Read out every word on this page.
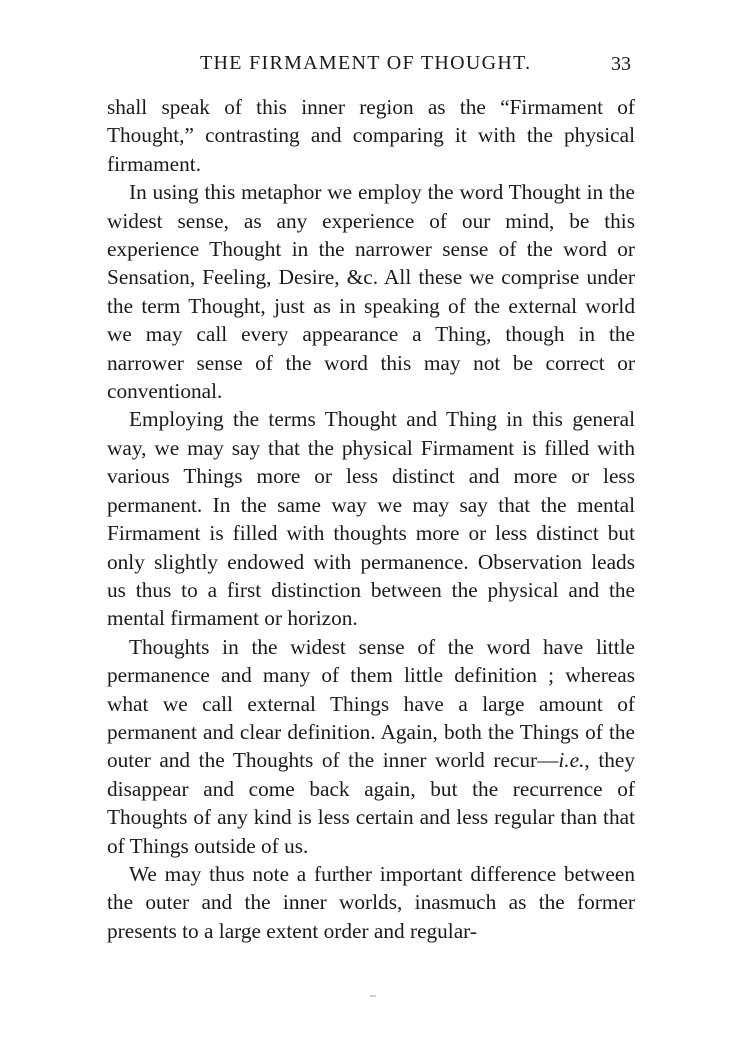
THE FIRMAMENT OF THOUGHT.	33

shall speak of this inner region as the “Firmament of Thought,” contrasting and comparing it with the physical firmament.

In using this metaphor we employ the word Thought in the widest sense, as any experience of our mind, be this experience Thought in the narrower sense of the word or Sensation, Feeling, Desire, &c. All these we comprise under the term Thought, just as in speaking of the external world we may call every appearance a Thing, though in the narrower sense of the word this may not be correct or conventional.

Employing the terms Thought and Thing in this general way, we may say that the physical Firmament is filled with various Things more or less distinct and more or less permanent. In the same way we may say that the mental Firmament is filled with thoughts more or less distinct but only slightly endowed with permanence. Observation leads us thus to a first distinction between the physical and the mental firmament or horizon.

Thoughts in the widest sense of the word have little permanence and many of them little definition ; whereas what we call external Things have a large amount of permanent and clear definition. Again, both the Things of the outer and the Thoughts of the inner world recur—i.e., they disappear and come back again, but the recurrence of Thoughts of any kind is less certain and less regular than that of Things outside of us.

We may thus note a further important difference between the outer and the inner worlds, inasmuch as the former presents to a large extent order and regular-
